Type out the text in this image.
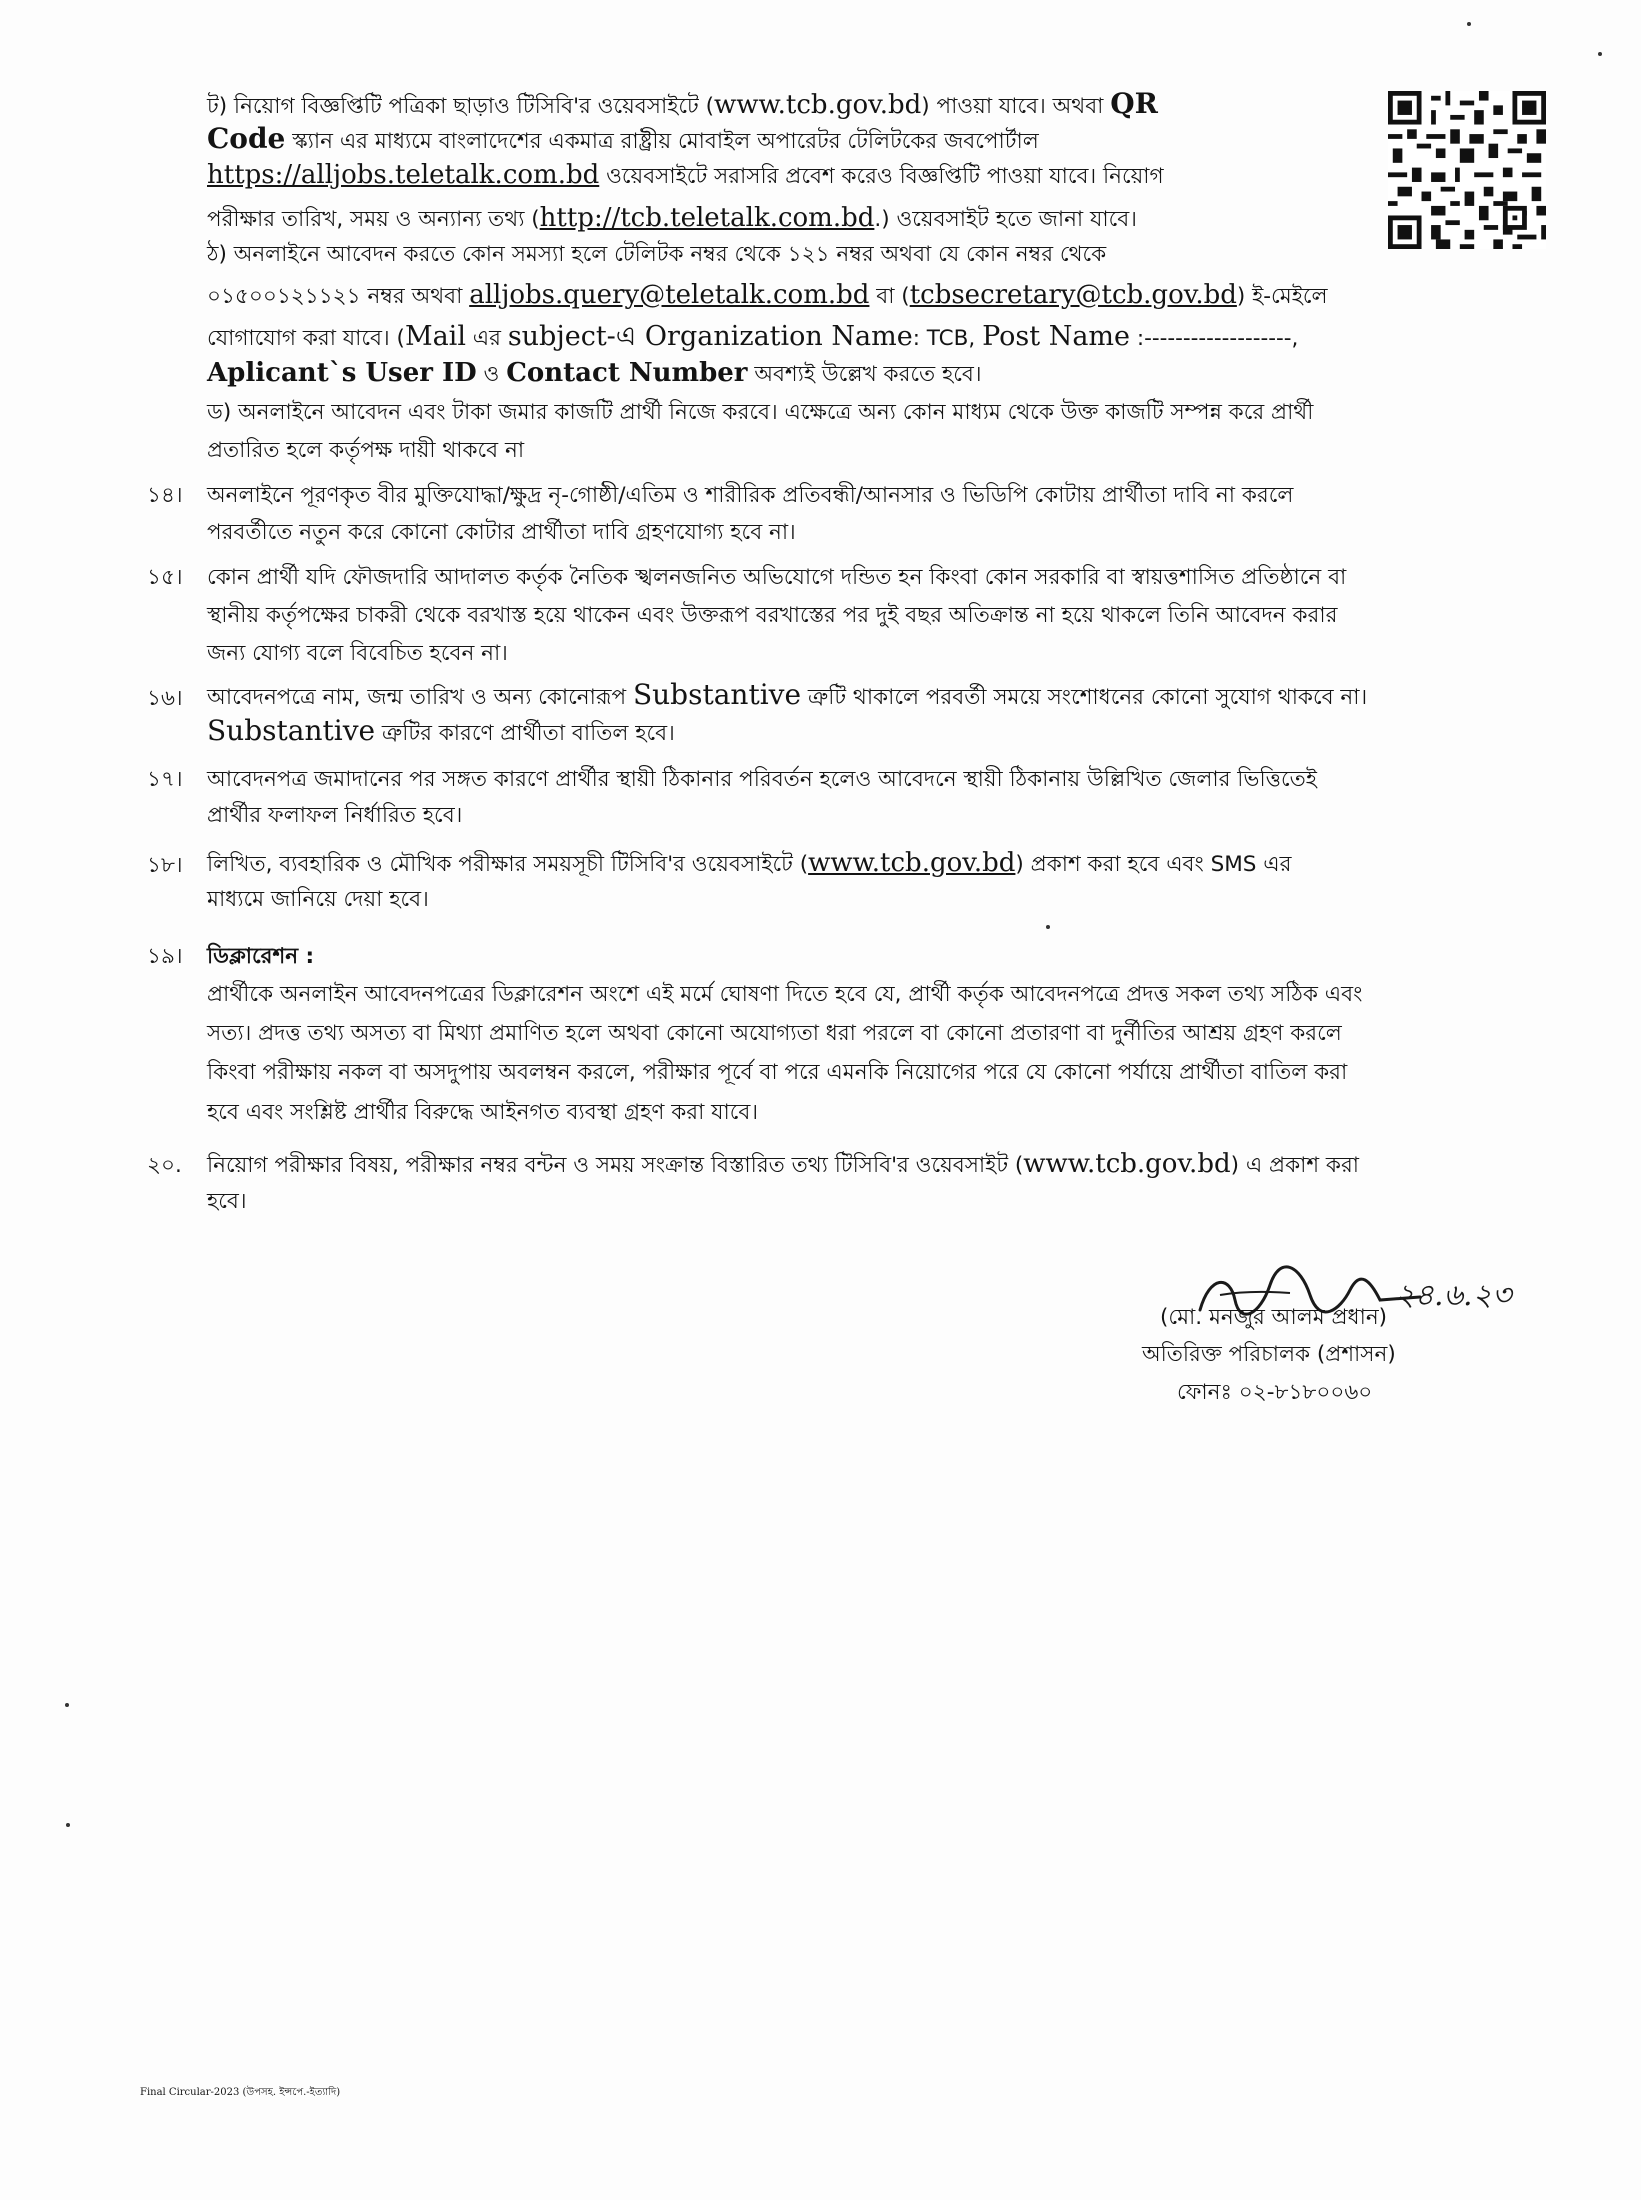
ট) নিয়োগ বিজ্ঞপ্তিটি পত্রিকা ছাড়াও টিসিবি'র ওয়েবসাইটে (www.tcb.gov.bd) পাওয়া যাবে। অথবা QR
Code স্ক্যান এর মাধ্যমে বাংলাদেশের একমাত্র রাষ্ট্রীয় মোবাইল অপারেটর টেলিটকের জবপোর্টাল
https://alljobs.teletalk.com.bd ওয়েবসাইটে সরাসরি প্রবেশ করেও বিজ্ঞপ্তিটি পাওয়া যাবে। নিয়োগ
পরীক্ষার তারিখ, সময় ও অন্যান্য তথ্য (http://tcb.teletalk.com.bd.) ওয়েবসাইট হতে জানা যাবে।
ঠ) অনলাইনে আবেদন করতে কোন সমস্যা হলে টেলিটক নম্বর থেকে ১২১ নম্বর অথবা যে কোন নম্বর থেকে
০১৫০০১২১১২১ নম্বর অথবা alljobs.query@teletalk.com.bd বা (tcbsecretary@tcb.gov.bd) ই-মেইলে
যোগাযোগ করা যাবে। (Mail এর subject-এ Organization Name: TCB, Post Name :-------------------,
Aplicant`s User ID ও Contact Number অবশ্যই উল্লেখ করতে হবে।
ড) অনলাইনে আবেদন এবং টাকা জমার কাজটি প্রার্থী নিজে করবে। এক্ষেত্রে অন্য কোন মাধ্যম থেকে উক্ত কাজটি সম্পন্ন করে প্রার্থী
প্রতারিত হলে কর্তৃপক্ষ দায়ী থাকবে না
১৪। অনলাইনে পূরণকৃত বীর মুক্তিযোদ্ধা/ক্ষুদ্র নৃ-গোষ্ঠী/এতিম ও শারীরিক প্রতিবন্ধী/আনসার ও ভিডিপি কোটায় প্রার্থীতা দাবি না করলে
পরবর্তীতে নতুন করে কোনো কোটার প্রার্থীতা দাবি গ্রহণযোগ্য হবে না।
১৫। কোন প্রার্থী যদি ফৌজদারি আদালত কর্তৃক নৈতিক স্খলনজনিত অভিযোগে দন্ডিত হন কিংবা কোন সরকারি বা স্বায়ত্তশাসিত প্রতিষ্ঠানে বা
স্থানীয় কর্তৃপক্ষের চাকরী থেকে বরখাস্ত হয়ে থাকেন এবং উক্তরূপ বরখাস্তের পর দুই বছর অতিক্রান্ত না হয়ে থাকলে তিনি আবেদন করার
জন্য যোগ্য বলে বিবেচিত হবেন না।
১৬। আবেদনপত্রে নাম, জন্ম তারিখ ও অন্য কোনোরূপ Substantive ত্রুটি থাকালে পরবর্তী সময়ে সংশোধনের কোনো সুযোগ থাকবে না।
Substantive ত্রুটির কারণে প্রার্থীতা বাতিল হবে।
১৭। আবেদনপত্র জমাদানের পর সঙ্গত কারণে প্রার্থীর স্থায়ী ঠিকানার পরিবর্তন হলেও আবেদনে স্থায়ী ঠিকানায় উল্লিখিত জেলার ভিত্তিতেই
প্রার্থীর ফলাফল নির্ধারিত হবে।
১৮। লিখিত, ব্যবহারিক ও মৌখিক পরীক্ষার সময়সূচী টিসিবি'র ওয়েবসাইটে (www.tcb.gov.bd) প্রকাশ করা হবে এবং SMS এর
মাধ্যমে জানিয়ে দেয়া হবে।
১৯। ডিক্লারেশন :
প্রার্থীকে অনলাইন আবেদনপত্রের ডিক্লারেশন অংশে এই মর্মে ঘোষণা দিতে হবে যে, প্রার্থী কর্তৃক আবেদনপত্রে প্রদত্ত সকল তথ্য সঠিক এবং
সত্য। প্রদত্ত তথ্য অসত্য বা মিথ্যা প্রমাণিত হলে অথবা কোনো অযোগ্যতা ধরা পরলে বা কোনো প্রতারণা বা দুর্নীতির আশ্রয় গ্রহণ করলে
কিংবা পরীক্ষায় নকল বা অসদুপায় অবলম্বন করলে, পরীক্ষার পূর্বে বা পরে এমনকি নিয়োগের পরে যে কোনো পর্যায়ে প্রার্থীতা বাতিল করা
হবে এবং সংশ্লিষ্ট প্রার্থীর বিরুদ্ধে আইনগত ব্যবস্থা গ্রহণ করা যাবে।
২০. নিয়োগ পরীক্ষার বিষয়, পরীক্ষার নম্বর বন্টন ও সময় সংক্রান্ত বিস্তারিত তথ্য টিসিবি'র ওয়েবসাইট (www.tcb.gov.bd) এ প্রকাশ করা
হবে।
২৪.৬.২৩
(মো. মনজুর আলম প্রধান)
অতিরিক্ত পরিচালক (প্রশাসন)
ফোনঃ ০২-৮১৮০০৬০
Final Circular-2023 (উপসহ. ইন্সপে.-ইত্যাদি)
